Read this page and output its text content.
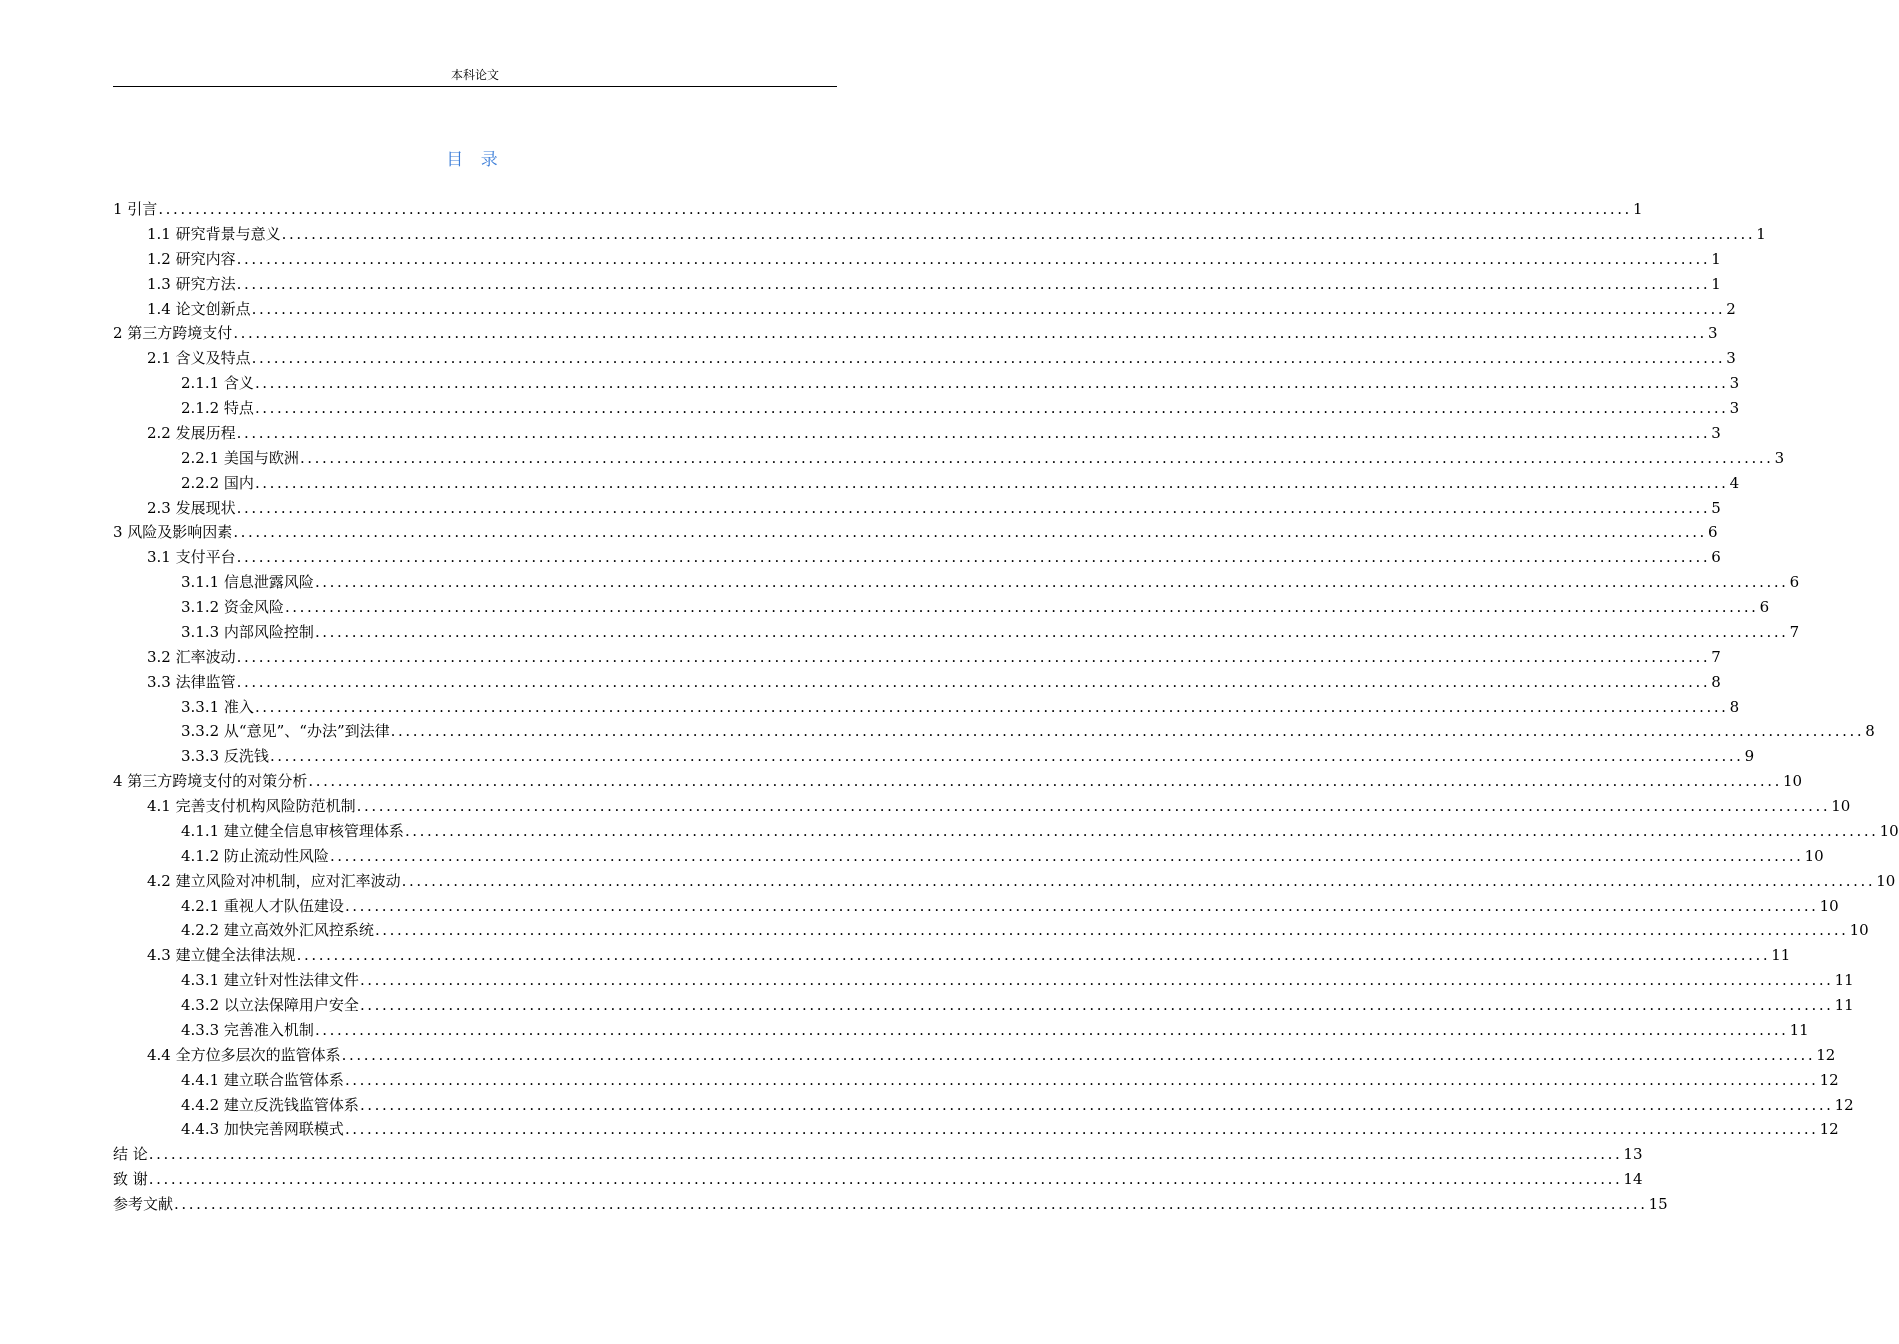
本科论文
目 录
1 引言 ........................................................................................................................................................................................................ 1
1.1 研究背景与意义 ........................................................................................................................................................................................................ 1
1.2 研究内容 ........................................................................................................................................................................................................ 1
1.3 研究方法 ........................................................................................................................................................................................................ 1
1.4 论文创新点 ........................................................................................................................................................................................................ 2
2 第三方跨境支付 ........................................................................................................................................................................................................ 3
2.1 含义及特点 ........................................................................................................................................................................................................ 3
2.1.1 含义 ........................................................................................................................................................................................................ 3
2.1.2 特点 ........................................................................................................................................................................................................ 3
2.2 发展历程 ........................................................................................................................................................................................................ 3
2.2.1 美国与欧洲 ........................................................................................................................................................................................................ 3
2.2.2 国内 ........................................................................................................................................................................................................ 4
2.3 发展现状 ........................................................................................................................................................................................................ 5
3 风险及影响因素 ........................................................................................................................................................................................................ 6
3.1 支付平台 ........................................................................................................................................................................................................ 6
3.1.1 信息泄露风险 ........................................................................................................................................................................................................ 6
3.1.2 资金风险 ........................................................................................................................................................................................................ 6
3.1.3 内部风险控制 ........................................................................................................................................................................................................ 7
3.2 汇率波动 ........................................................................................................................................................................................................ 7
3.3 法律监管 ........................................................................................................................................................................................................ 8
3.3.1 准入 ........................................................................................................................................................................................................ 8
3.3.2 从“意见”、“办法”到法律 ........................................................................................................................................................................................................ 8
3.3.3 反洗钱 ........................................................................................................................................................................................................ 9
4 第三方跨境支付的对策分析 ........................................................................................................................................................................................................ 10
4.1 完善支付机构风险防范机制 ........................................................................................................................................................................................................ 10
4.1.1 建立健全信息审核管理体系 ........................................................................................................................................................................................................ 10
4.1.2 防止流动性风险 ........................................................................................................................................................................................................ 10
4.2 建立风险对冲机制，应对汇率波动 ........................................................................................................................................................................................................ 10
4.2.1 重视人才队伍建设 ........................................................................................................................................................................................................ 10
4.2.2 建立高效外汇风控系统 ........................................................................................................................................................................................................ 10
4.3 建立健全法律法规 ........................................................................................................................................................................................................ 11
4.3.1 建立针对性法律文件 ........................................................................................................................................................................................................ 11
4.3.2 以立法保障用户安全 ........................................................................................................................................................................................................ 11
4.3.3 完善准入机制 ........................................................................................................................................................................................................ 11
4.4 全方位多层次的监管体系 ........................................................................................................................................................................................................ 12
4.4.1 建立联合监管体系 ........................................................................................................................................................................................................ 12
4.4.2 建立反洗钱监管体系 ........................................................................................................................................................................................................ 12
4.4.3 加快完善网联模式 ........................................................................................................................................................................................................ 12
结 论 ........................................................................................................................................................................................................ 13
致 谢 ........................................................................................................................................................................................................ 14
参考文献 ........................................................................................................................................................................................................ 15
